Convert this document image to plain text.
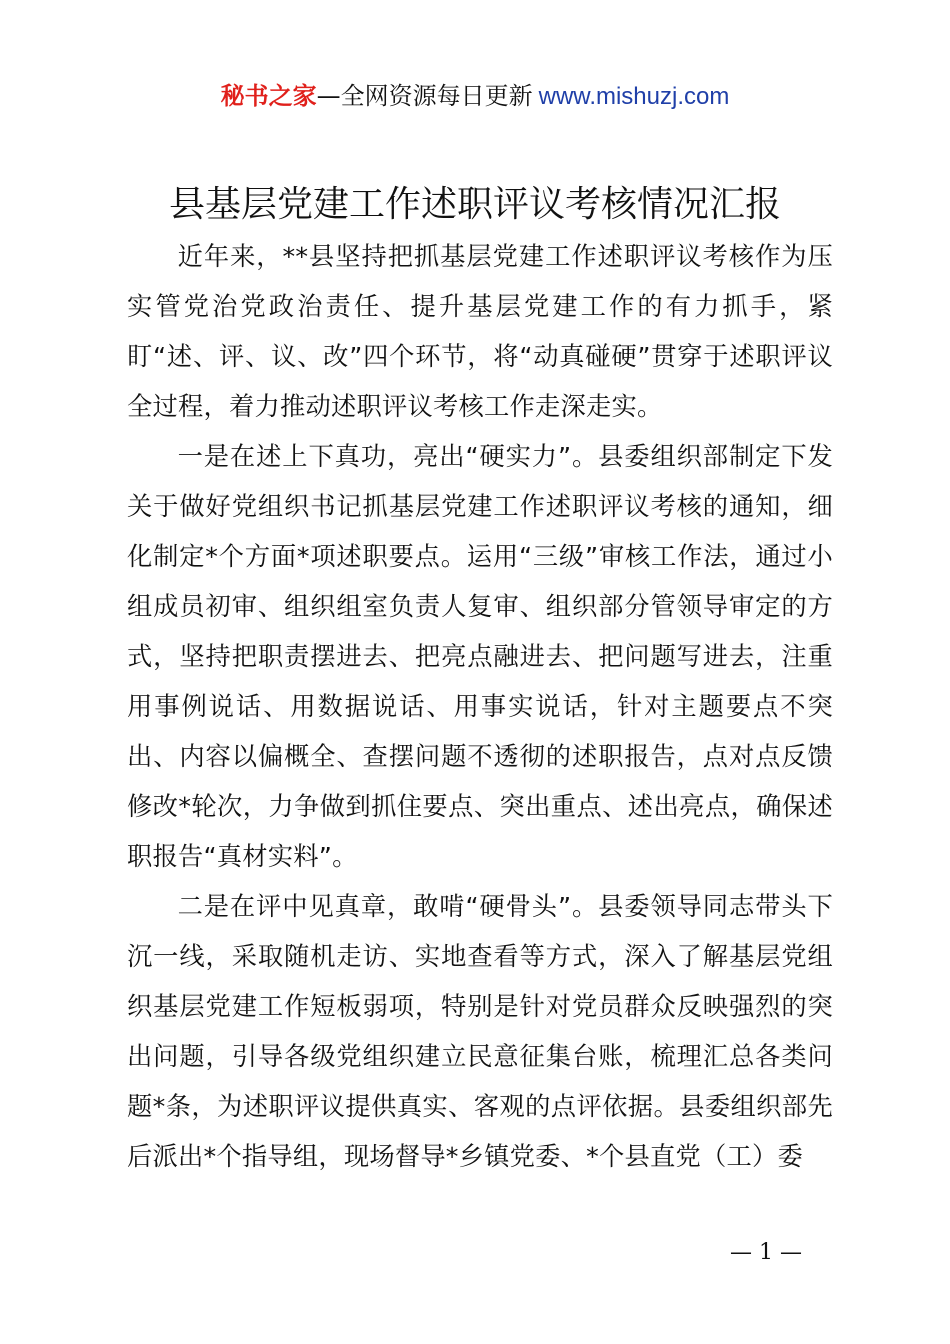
秘书之家—全网资源每日更新 www.mishuzj.com
县基层党建工作述职评议考核情况汇报

近年来，**县坚持把抓基层党建工作述职评议考核作为压实管党治党政治责任、提升基层党建工作的有力抓手，紧盯“述、评、议、改”四个环节，将“动真碰硬”贯穿于述职评议全过程，着力推动述职评议考核工作走深走实。

一是在述上下真功，亮出“硬实力”。县委组织部制定下发关于做好党组织书记抓基层党建工作述职评议考核的通知，细化制定*个方面*项述职要点。运用“三级”审核工作法，通过小组成员初审、组织组室负责人复审、组织部分管领导审定的方式，坚持把职责摆进去、把亮点融进去、把问题写进去，注重用事例说话、用数据说话、用事实说话，针对主题要点不突出、内容以偏概全、查摆问题不透彻的述职报告，点对点反馈修改*轮次，力争做到抓住要点、突出重点、述出亮点，确保述职报告“真材实料”。

二是在评中见真章，敢啃“硬骨头”。县委领导同志带头下沉一线，采取随机走访、实地查看等方式，深入了解基层党组织基层党建工作短板弱项，特别是针对党员群众反映强烈的突出问题，引导各级党组织建立民意征集台账，梳理汇总各类问题*条，为述职评议提供真实、客观的点评依据。县委组织部先后派出*个指导组，现场督导*乡镇党委、*个县直党（工）委

— 1 —
